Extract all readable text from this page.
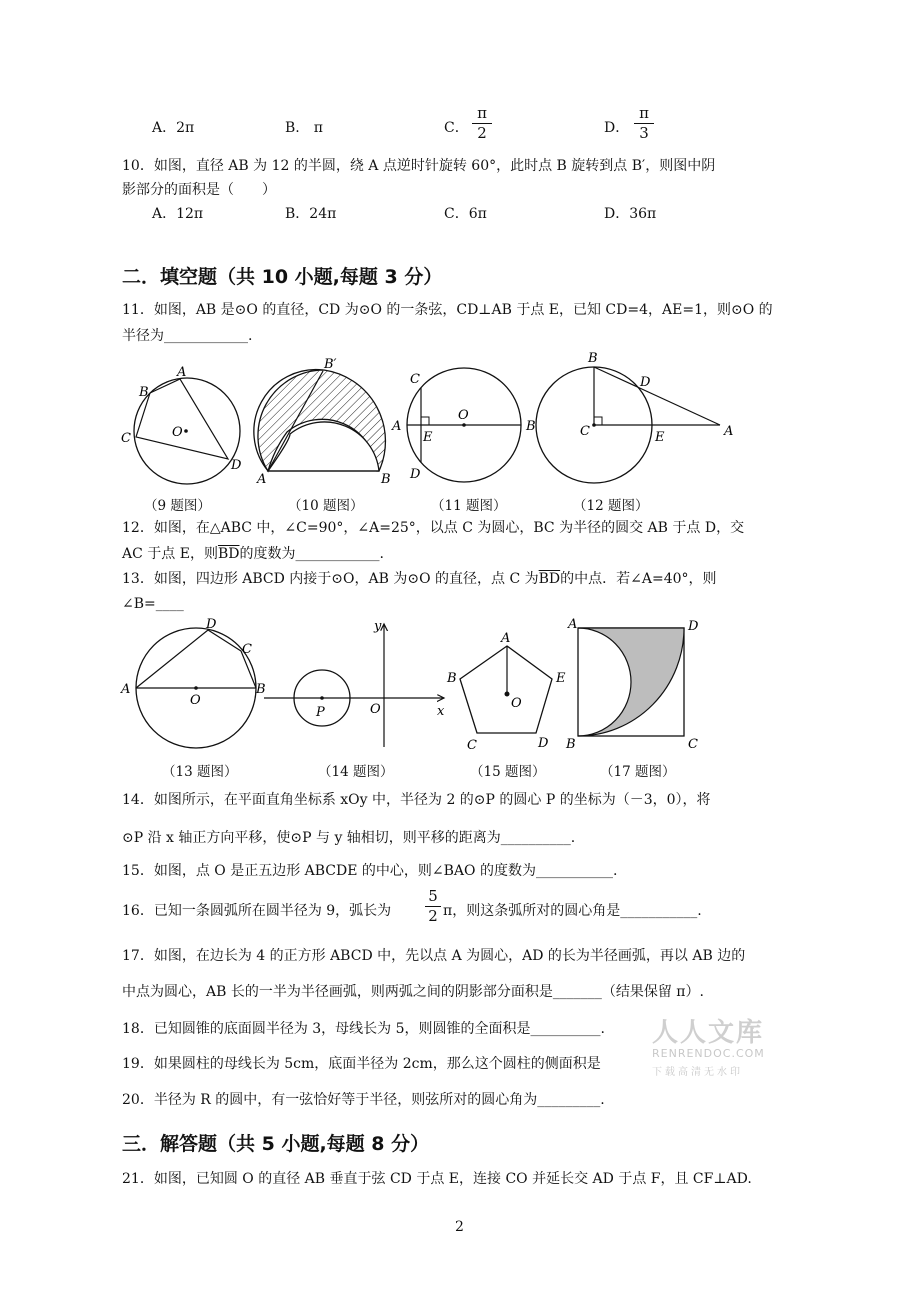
A．2π	B.　π	C．
π
2	D．
π
3
10．如图，直径 AB 为 12 的半圆，绕 A 点逆时针旋转 60°，此时点 B 旋转到点 B′，则图中阴
影部分的面积是（　　）
A．12π	B．24π	C．6π	D．36π
二．填空题（共 10 小题,每题 3 分）
11．如图，AB 是⊙O 的直径，CD 为⊙O 的一条弦，CD⊥AB 于点 E，已知 CD=4，AE=1，则⊙O 的
半径为____________.
A
B
C	O
D
B′
A	B
C
A
E
O
B
D
B
D
C	E	A
（9 题图）	（10 题图）	（11 题图）	（12 题图）
12．如图，在△ABC 中，∠C=90°，∠A=25°，以点 C 为圆心，BC 为半径的圆交 AB 于点 D，交
AC 于点 E，则$\overline{BD}$的度数为____________.
13．如图，四边形 ABCD 内接于⊙O，AB 为⊙O 的直径，点 C 为$\overline{BD}$的中点．若∠A=40°，则
∠B=____
D
C
A
O
B
y
P	O	x
A
B	E
O
C	D
A	D
B	C
（13 题图）	（14 题图）	（15 题图）	（17 题图）
14．如图所示，在平面直角坐标系 xOy 中，半径为 2 的⊙P 的圆心 P 的坐标为（－3，0），将
⊙P 沿 x 轴正方向平移，使⊙P 与 y 轴相切，则平移的距离为__________.
15．如图，点 O 是正五边形 ABCDE 的中心，则∠BAO 的度数为___________.
16．已知一条圆弧所在圆半径为 9，弧长为
5
2 π，则这条弧所对的圆心角是___________.
17．如图，在边长为 4 的正方形 ABCD 中，先以点 A 为圆心，AD 的长为半径画弧，再以 AB 边的
中点为圆心，AB 长的一半为半径画弧，则两弧之间的阴影部分面积是_______（结果保留 π）.
18．已知圆锥的底面圆半径为 3，母线长为 5，则圆锥的全面积是__________.
19．如果圆柱的母线长为 5cm，底面半径为 2cm，那么这个圆柱的侧面积是
20．半径为 R 的圆中，有一弦恰好等于半径，则弦所对的圆心角为_________.
三．解答题（共 5 小题,每题 8 分）
21．如图，已知圆 O 的直径 AB 垂直于弦 CD 于点 E，连接 CO 并延长交 AD 于点 F，且 CF⊥AD.
2
人人文库
RENRENDOC.COM
下载高清无水印
